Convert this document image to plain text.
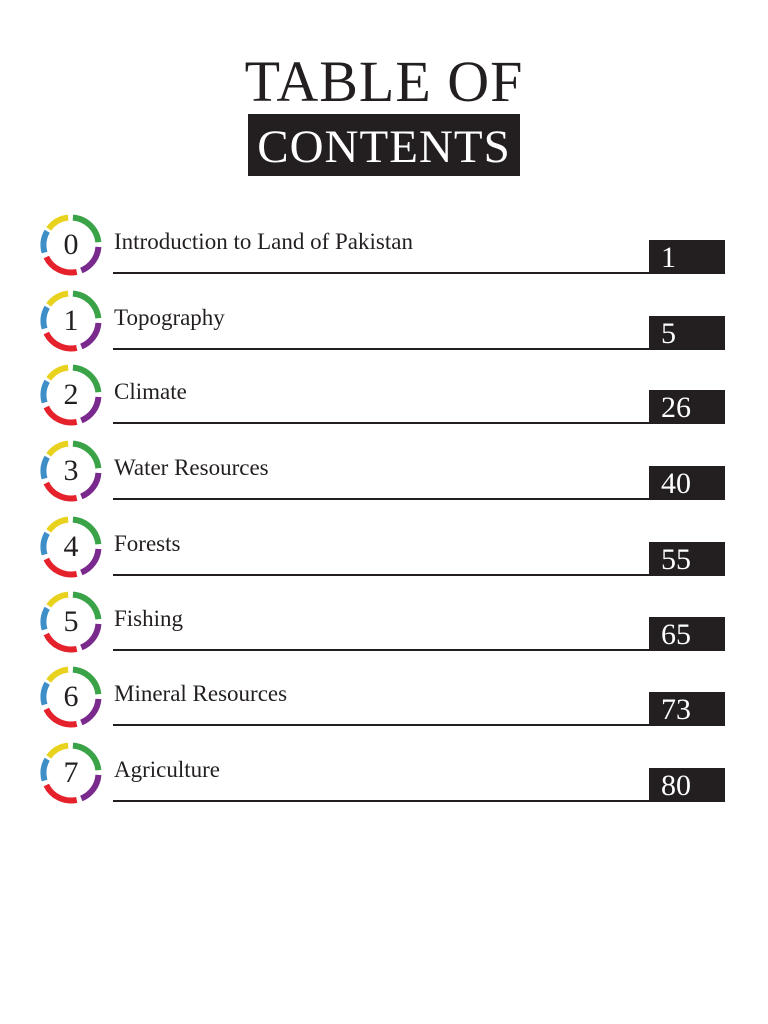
TABLE OF
CONTENTS
0	Introduction to Land of Pakistan	1
1	Topography	5
2	Climate	26
3	Water Resources	40
4	Forests	55
5	Fishing	65
6	Mineral Resources	73
7	Agriculture	80
